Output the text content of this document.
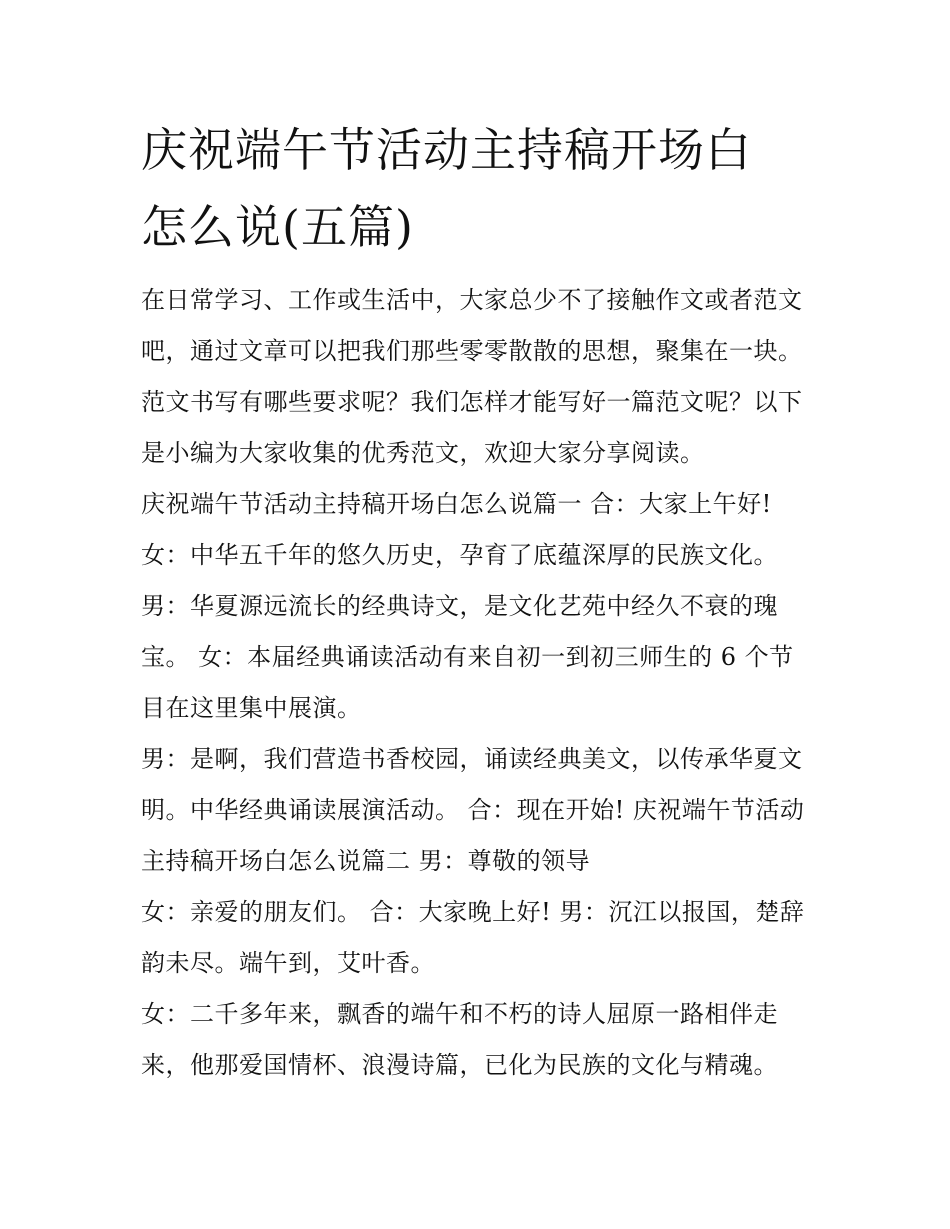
庆祝端午节活动主持稿开场白
怎么说(五篇)

在日常学习、工作或生活中，大家总少不了接触作文或者范文

吧，通过文章可以把我们那些零零散散的思想，聚集在一块。

范文书写有哪些要求呢？我们怎样才能写好一篇范文呢？以下

是小编为大家收集的优秀范文，欢迎大家分享阅读。

庆祝端午节活动主持稿开场白怎么说篇一 合：大家上午好!

女：中华五千年的悠久历史，孕育了底蕴深厚的民族文化。

男：华夏源远流长的经典诗文，是文化艺苑中经久不衰的瑰

宝。 女：本届经典诵读活动有来自初一到初三师生的 6 个节

目在这里集中展演。

男：是啊，我们营造书香校园，诵读经典美文，以传承华夏文

明。中华经典诵读展演活动。 合：现在开始! 庆祝端午节活动

主持稿开场白怎么说篇二 男：尊敬的领导

女：亲爱的朋友们。 合：大家晚上好! 男：沉江以报国，楚辞

韵未尽。端午到，艾叶香。

女：二千多年来，飘香的端午和不朽的诗人屈原一路相伴走

来，他那爱国情杯、浪漫诗篇，已化为民族的文化与精魂。
